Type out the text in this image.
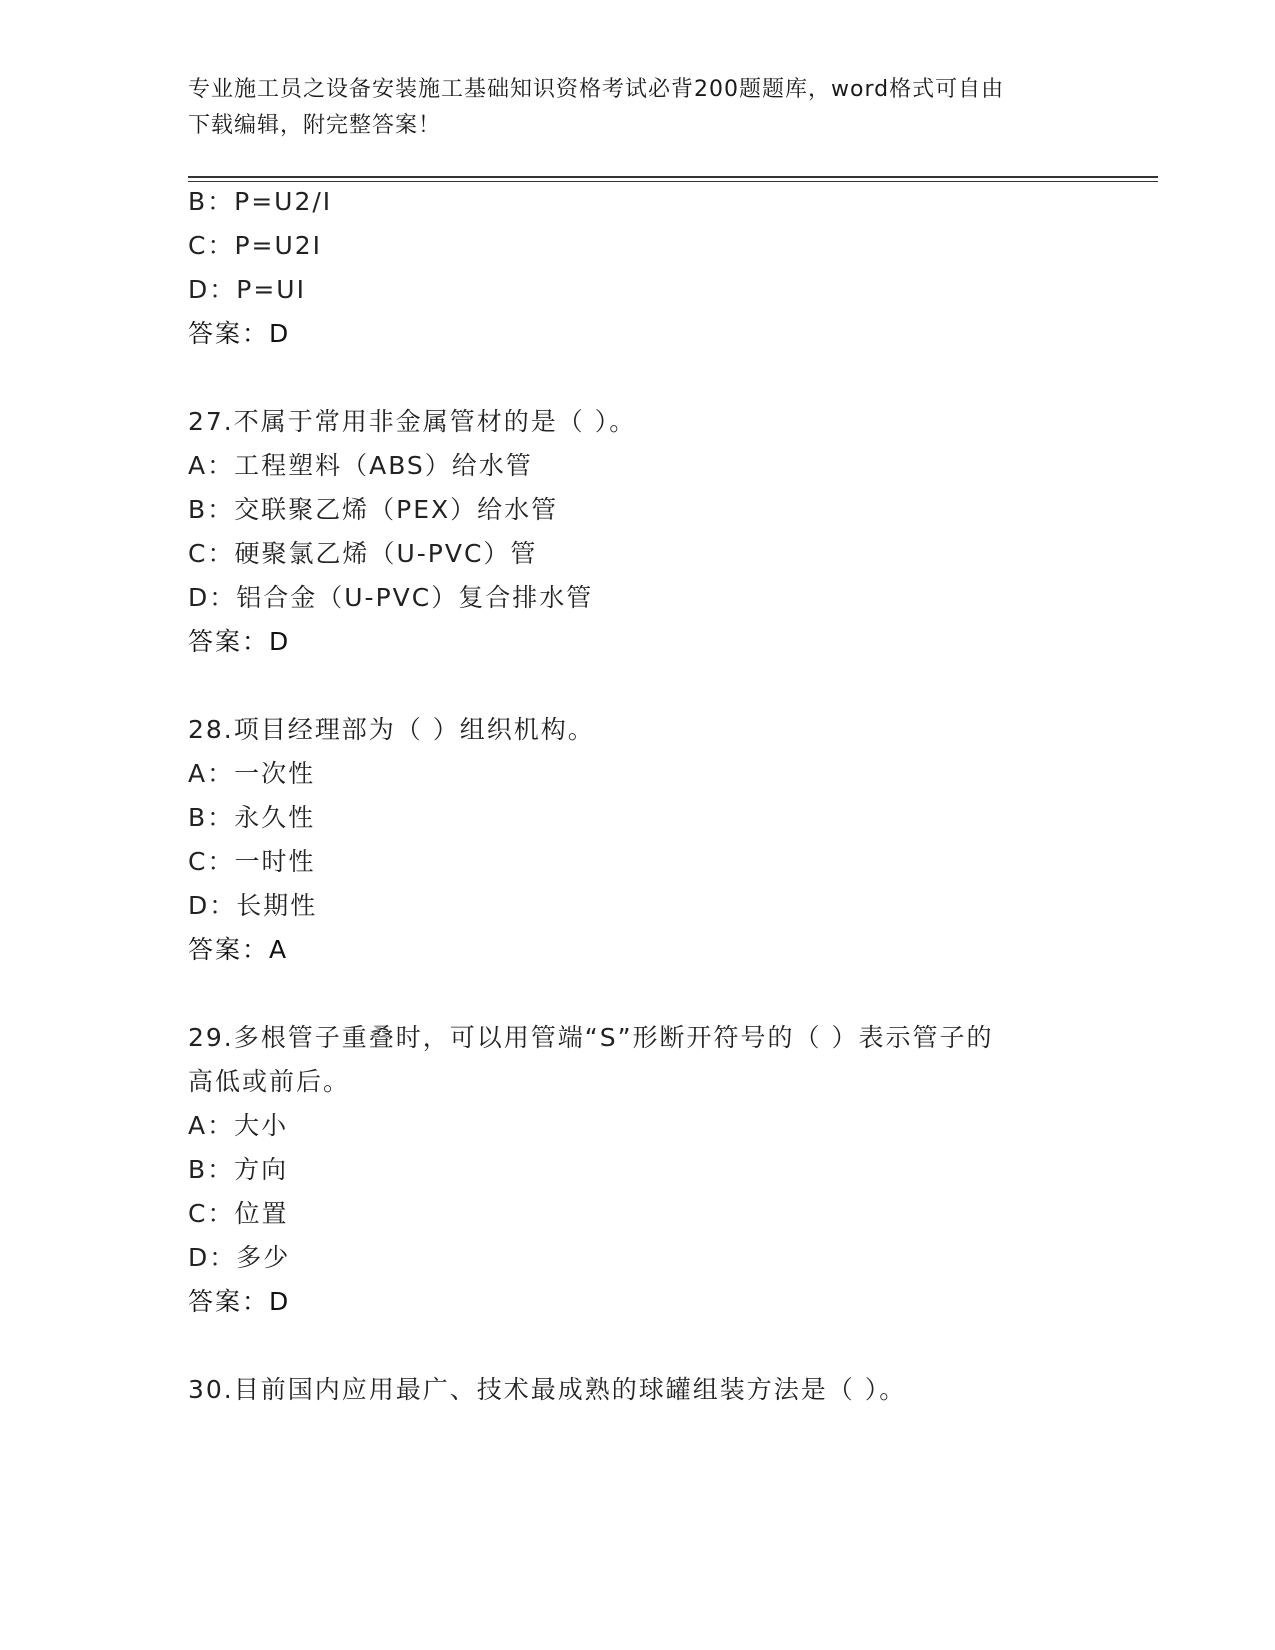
专业施工员之设备安装施工基础知识资格考试必背200题题库，word格式可自由
下载编辑，附完整答案！
B：P=U2/I
C：P=U2I
D：P=UI
答案：D
27.不属于常用非金属管材的是（ ）。
A：工程塑料（ABS）给水管
B：交联聚乙烯（PEX）给水管
C：硬聚氯乙烯（U-PVC）管
D：铝合金（U-PVC）复合排水管
答案：D
28.项目经理部为（ ）组织机构。
A：一次性
B：永久性
C：一时性
D：长期性
答案：A
29.多根管子重叠时，可以用管端“S”形断开符号的（ ）表示管子的
高低或前后。
A：大小
B：方向
C：位置
D：多少
答案：D
30.目前国内应用最广、技术最成熟的球罐组装方法是（ ）。
